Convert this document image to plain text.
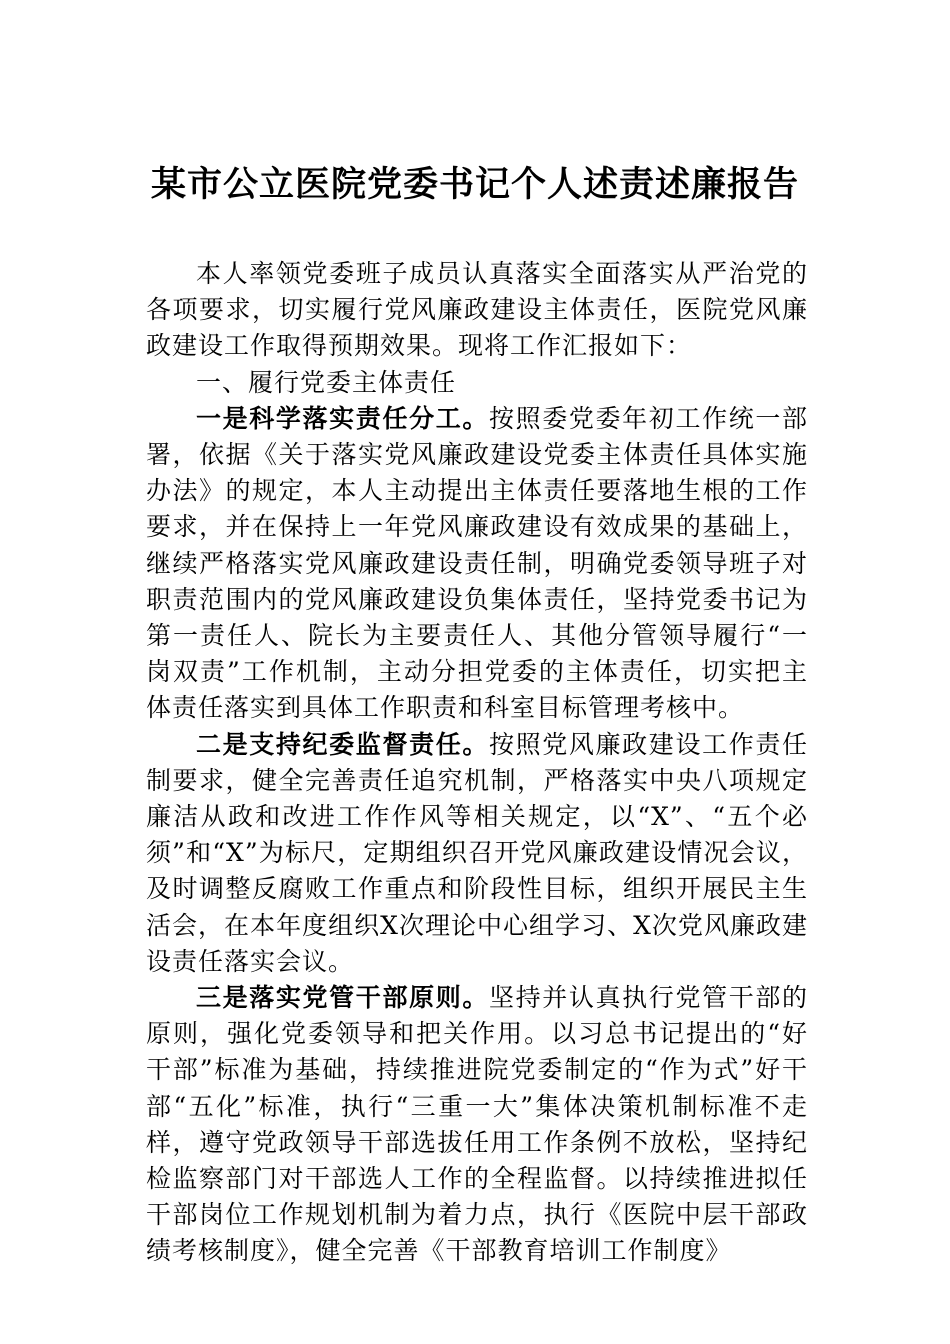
某市公立医院党委书记个人述责述廉报告

本人率领党委班子成员认真落实全面落实从严治党的各项要求，切实履行党风廉政建设主体责任，医院党风廉政建设工作取得预期效果。现将工作汇报如下：

一、履行党委主体责任

一是科学落实责任分工。按照委党委年初工作统一部署，依据《关于落实党风廉政建设党委主体责任具体实施办法》的规定，本人主动提出主体责任要落地生根的工作要求，并在保持上一年党风廉政建设有效成果的基础上，继续严格落实党风廉政建设责任制，明确党委领导班子对职责范围内的党风廉政建设负集体责任，坚持党委书记为第一责任人、院长为主要责任人、其他分管领导履行“一岗双责”工作机制，主动分担党委的主体责任，切实把主体责任落实到具体工作职责和科室目标管理考核中。

二是支持纪委监督责任。按照党风廉政建设工作责任制要求，健全完善责任追究机制，严格落实中央八项规定廉洁从政和改进工作作风等相关规定，以“X”、“五个必须”和“X”为标尺，定期组织召开党风廉政建设情况会议，及时调整反腐败工作重点和阶段性目标，组织开展民主生活会，在本年度组织X次理论中心组学习、X次党风廉政建设责任落实会议。

三是落实党管干部原则。坚持并认真执行党管干部的原则，强化党委领导和把关作用。以习总书记提出的“好干部”标准为基础，持续推进院党委制定的“作为式”好干部“五化”标准，执行“三重一大”集体决策机制标准不走样，遵守党政领导干部选拔任用工作条例不放松，坚持纪检监察部门对干部选人工作的全程监督。以持续推进拟任干部岗位工作规划机制为着力点，执行《医院中层干部政绩考核制度》，健全完善《干部教育培训工作制度》
